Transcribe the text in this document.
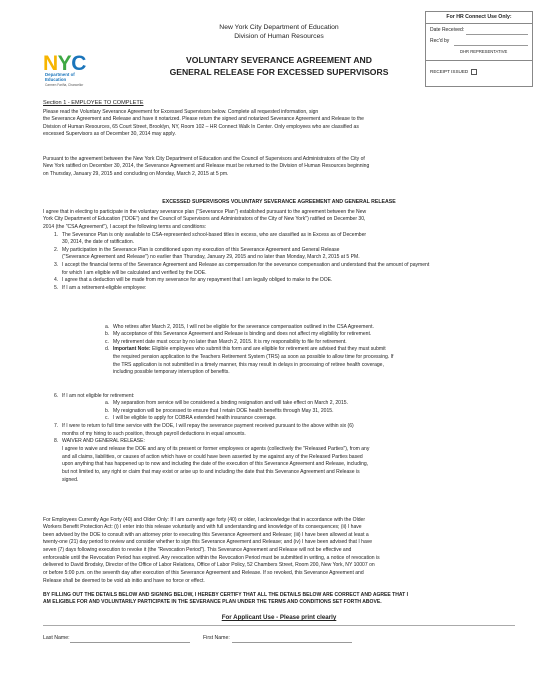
NYC
Department of
Education
Carmen Fariña, Chancellor
New York City Department of Education
Division of Human Resources
VOLUNTARY SEVERANCE AGREEMENT AND
GENERAL RELEASE FOR EXCESSED SUPERVISORS
For HR Connect Use Only:
Date Received:
Rec'd by
DHR REPRESENTATIVE
RECEIPT ISSUED
Section 1 - EMPLOYEE TO COMPLETE
Please read the Voluntary Severance Agreement for Excessed Supervisors below. Complete all requested information, sign
the Severance Agreement and Release and have it notarized. Please return the signed and notarized Severance Agreement and Release to the
Division of Human Resources, 65 Court Street, Brooklyn, NY, Room 102 – HR Connect Walk In Center. Only employees who are classified as
excessed Supervisors as of December 30, 2014 may apply.
Pursuant to the agreement between the New York City Department of Education and the Council of Supervisors and Administrators of the City of
New York ratified on December 30, 2014, the Severance Agreement and Release must be returned to the Division of Human Resources beginning
on Thursday, January 29, 2015 and concluding on Monday, March 2, 2015 at 5 pm.
EXCESSED SUPERVISORS VOLUNTARY SEVERANCE AGREEMENT AND GENERAL RELEASE
I agree that in electing to participate in the voluntary severance plan ("Severance Plan") established pursuant to the agreement between the New
York City Department of Education ("DOE") and the Council of Supervisors and Administrators of the City of New York") ratified on December 30,
2014 (the "CSA Agreement"), I accept the following terms and conditions:
1. The Severance Plan is only available to CSA-represented school-based titles in excess, who are classified as in Excess as of December
30, 2014, the date of ratification.
2. My participation in the Severance Plan is conditioned upon my execution of this Severance Agreement and General Release
("Severance Agreement and Release") no earlier than Thursday, January 29, 2015 and no later than Monday, March 2, 2015 at 5 PM.
3. I accept the financial terms of the Severance Agreement and Release as compensation for the severance compensation and understand that the amount of payment
for which I am eligible will be calculated and verified by the DOE.
4. I agree that a deduction will be made from my severance for any repayment that I am legally obliged to make to the DOE.
5. If I am a retirement-eligible employee:
a. Who retires after March 2, 2015, I will not be eligible for the severance compensation outlined in the CSA Agreement.
b. My acceptance of this Severance Agreement and Release is binding and does not affect my eligibility for retirement.
c. My retirement date must occur by no later than March 2, 2015. It is my responsibility to file for retirement.
d. Important Note: Eligible employees who submit this form and are eligible for retirement are advised that they must submit
the required pension application to the Teachers Retirement System (TRS) as soon as possible to allow time for processing. If
the TRS application is not submitted in a timely manner, this may result in delays in processing of retiree health coverage,
including possible temporary interruption of benefits.
6. If I am not eligible for retirement:
a. My separation from service will be considered a binding resignation and will take effect on March 2, 2015.
b. My resignation will be processed to ensure that I retain DOE health benefits through May 31, 2015.
c. I will be eligible to apply for COBRA extended health insurance coverage.
7. If I were to return to full time service with the DOE, I will repay the severance payment received pursuant to the above within six (6)
months of my hiring to such position, through payroll deductions in equal amounts.
8. WAIVER AND GENERAL RELEASE:
I agree to waive and release the DOE and any of its present or former employees or agents (collectively the "Released Parties"), from any
and all claims, liabilities, or causes of action which have or could have been asserted by me against any of the Released Parties based
upon anything that has happened up to now and including the date of the execution of this Severance Agreement and Release, including,
but not limited to, any right or claim that may exist or arise up to and including the date that this Severance Agreement and Release is
signed.
For Employees Currently Age Forty (40) and Older Only: If I am currently age forty (40) or older, I acknowledge that in accordance with the Older
Workers Benefit Protection Act: (i) I enter into this release voluntarily and with full understanding and knowledge of its consequences; (ii) I have
been advised by the DOE to consult with an attorney prior to executing this Severance Agreement and Release; (iii) I have been allowed at least a
twenty-one (21) day period to review and consider whether to sign this Severance Agreement and Release; and (iv) I have been advised that I have
seven (7) days following execution to revoke it (the "Revocation Period"). This Severance Agreement and Release will not be effective and
enforceable until the Revocation Period has expired. Any revocation within the Revocation Period must be submitted in writing, a notice of revocation is
delivered to David Brodsky, Director of the Office of Labor Relations, Office of Labor Policy, 52 Chambers Street, Room 200, New York, NY 10007 on
or before 5:00 p.m. on the seventh day after execution of this Severance Agreement and Release. If so revoked, this Severance Agreement and
Release shall be deemed to be void ab initio and have no force or effect.
BY FILLING OUT THE DETAILS BELOW AND SIGNING BELOW, I HEREBY CERTIFY THAT ALL THE DETAILS BELOW ARE CORRECT AND AGREE THAT I
AM ELIGIBLE FOR AND VOLUNTARILY PARTICIPATE IN THE SEVERANCE PLAN UNDER THE TERMS AND CONDITIONS SET FORTH ABOVE.
For Applicant Use - Please print clearly
Last Name:	First Name:
